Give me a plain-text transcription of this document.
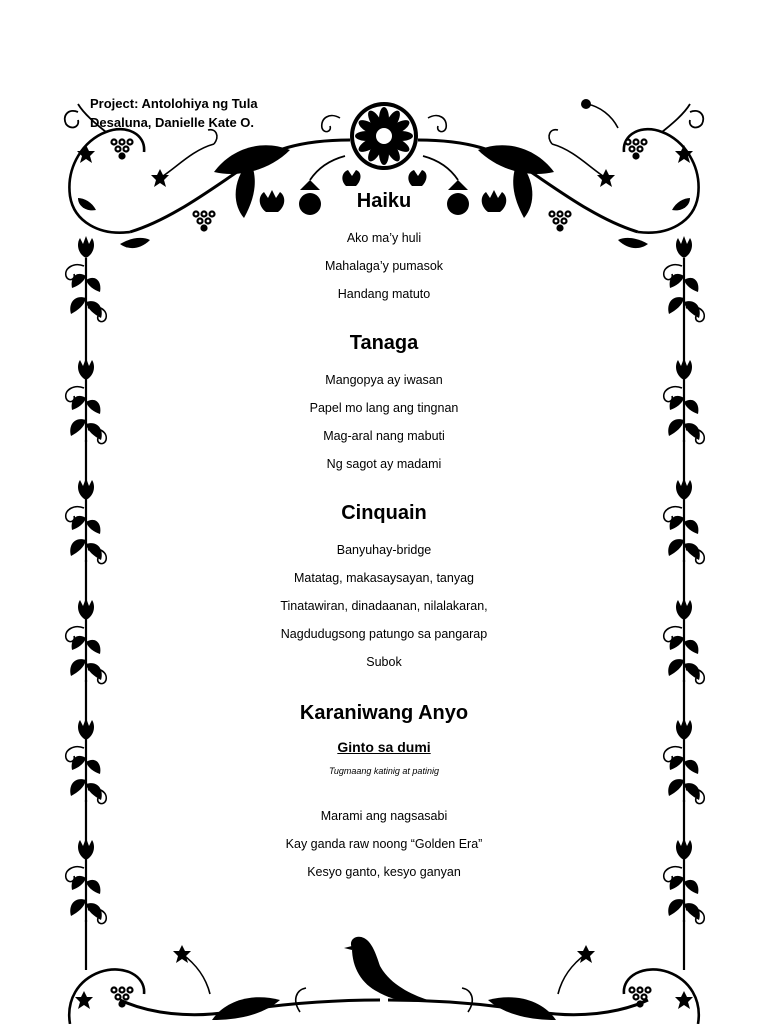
Project: Antolohiya ng Tula
Desaluna, Danielle Kate O.
Haiku
Ako ma’y huli
Mahalaga’y pumasok
Handang matuto
Tanaga
Mangopya ay iwasan
Papel mo lang ang tingnan
Mag-aral nang mabuti
Ng sagot ay madami
Cinquain
Banyuhay-bridge
Matatag, makasaysayan, tanyag
Tinatawiran, dinadaanan, nilalakaran,
Nagdudugsong patungo sa pangarap
Subok
Karaniwang Anyo
Ginto sa dumi
Tugmaang katinig at patinig
Marami ang nagsasabi
Kay ganda raw noong “Golden Era”
Kesyo ganto, kesyo ganyan
